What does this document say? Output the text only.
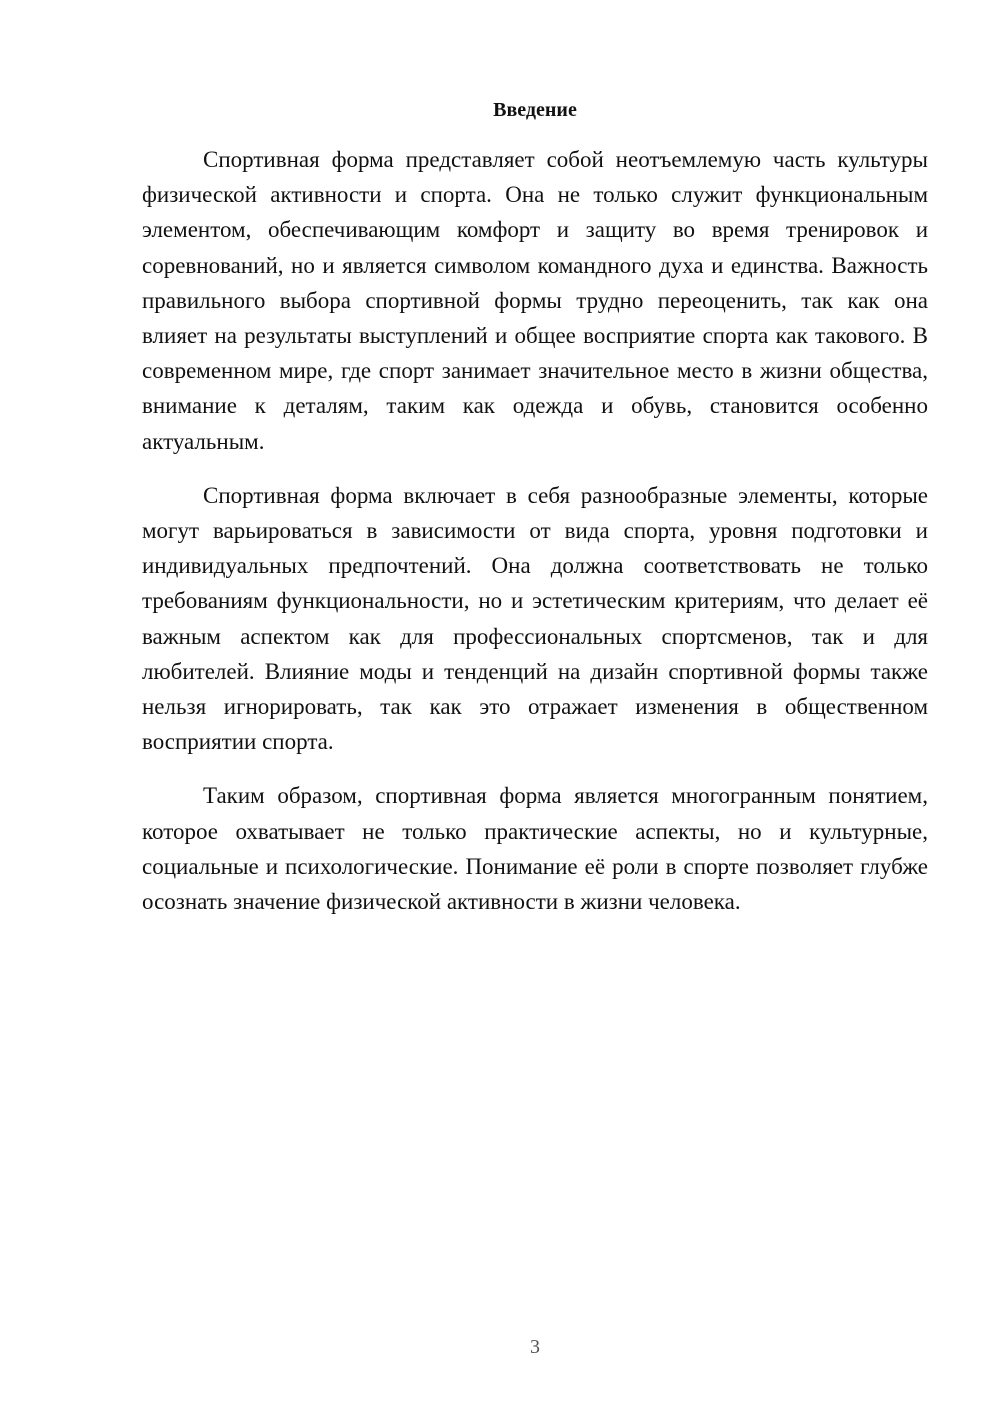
Введение

Спортивная форма представляет собой неотъемлемую часть культуры физической активности и спорта. Она не только служит функциональным элементом, обеспечивающим комфорт и защиту во время тренировок и соревнований, но и является символом командного духа и единства. Важность правильного выбора спортивной формы трудно переоценить, так как она влияет на результаты выступлений и общее восприятие спорта как такового. В современном мире, где спорт занимает значительное место в жизни общества, внимание к деталям, таким как одежда и обувь, становится особенно актуальным.

Спортивная форма включает в себя разнообразные элементы, которые могут варьироваться в зависимости от вида спорта, уровня подготовки и индивидуальных предпочтений. Она должна соответствовать не только требованиям функциональности, но и эстетическим критериям, что делает её важным аспектом как для профессиональных спортсменов, так и для любителей. Влияние моды и тенденций на дизайн спортивной формы также нельзя игнорировать, так как это отражает изменения в общественном восприятии спорта.

Таким образом, спортивная форма является многогранным понятием, которое охватывает не только практические аспекты, но и культурные, социальные и психологические. Понимание её роли в спорте позволяет глубже осознать значение физической активности в жизни человека.

3
